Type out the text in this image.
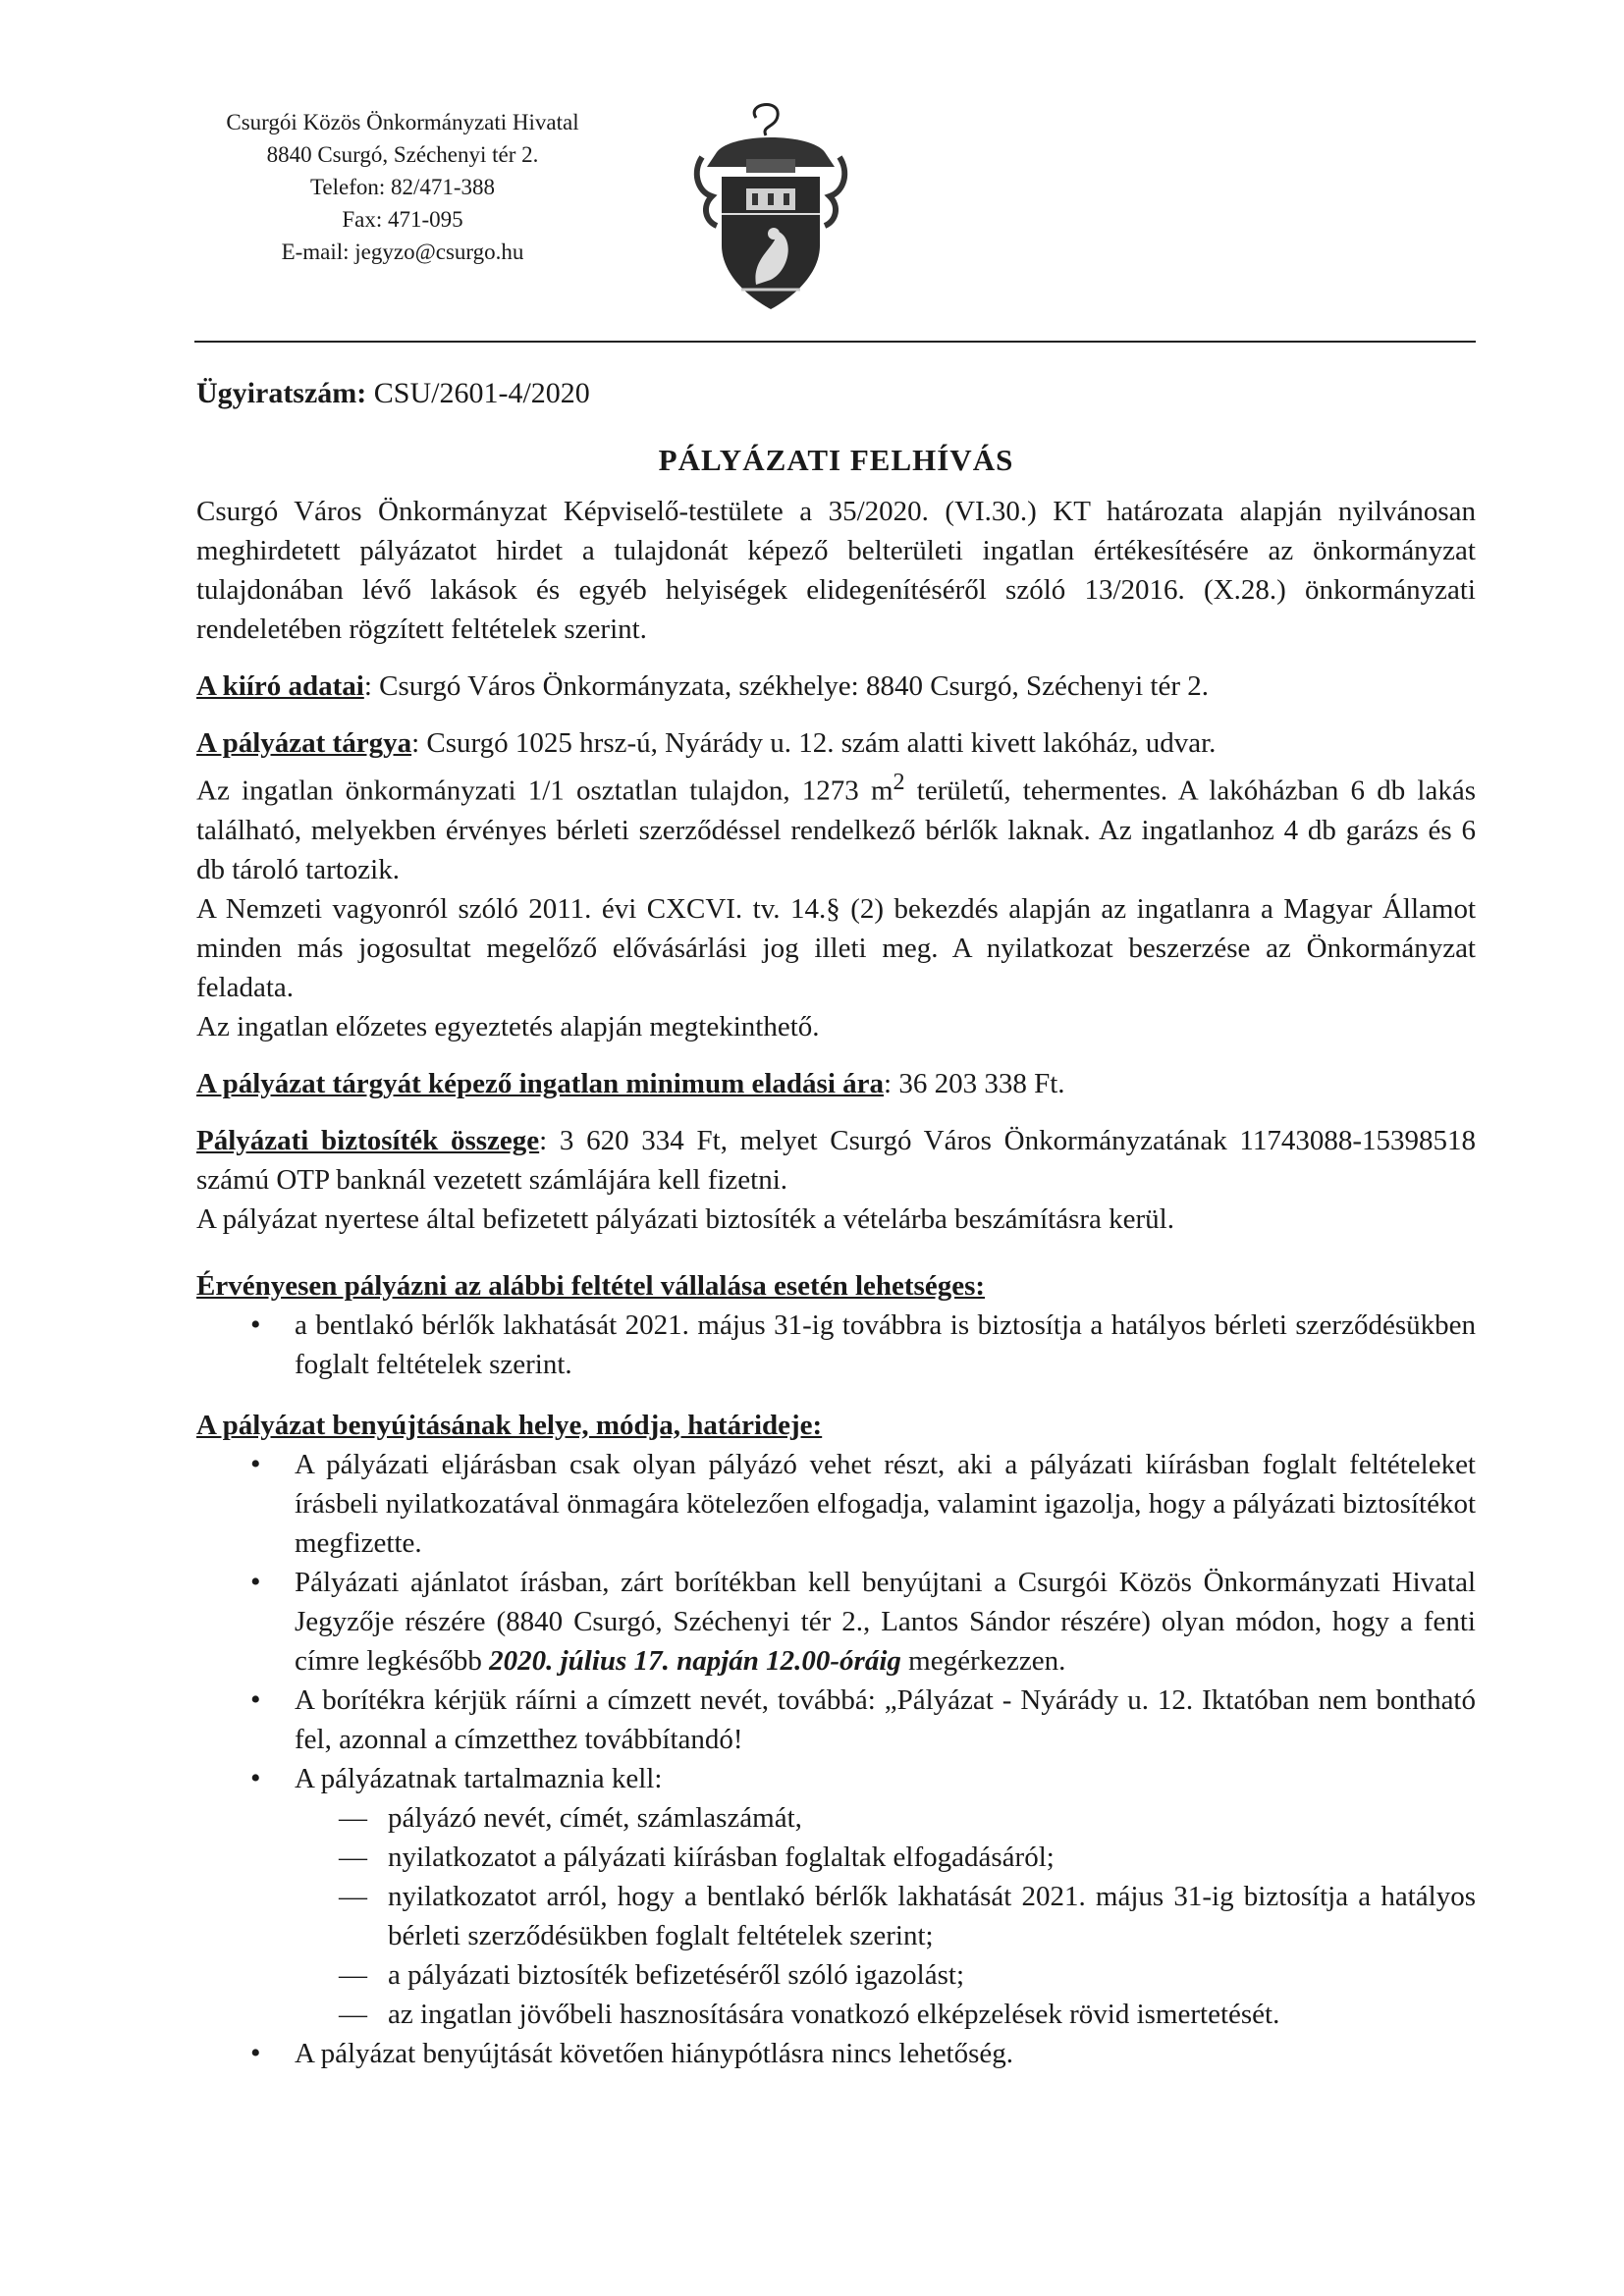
Csurgói Közös Önkormányzati Hivatal
8840 Csurgó, Széchenyi tér 2.
Telefon: 82/471-388
Fax: 471-095
E-mail: jegyzo@csurgo.hu

Ügyiratszám: CSU/2601-4/2020

PÁLYÁZATI FELHÍVÁS

Csurgó Város Önkormányzat Képviselő-testülete a 35/2020. (VI.30.) KT határozata alapján nyilvánosan meghirdetett pályázatot hirdet a tulajdonát képező belterületi ingatlan értékesítésére az önkormányzat tulajdonában lévő lakások és egyéb helyiségek elidegenítéséről szóló 13/2016. (X.28.) önkormányzati rendeletében rögzített feltételek szerint.

A kiíró adatai: Csurgó Város Önkormányzata, székhelye: 8840 Csurgó, Széchenyi tér 2.

A pályázat tárgya: Csurgó 1025 hrsz-ú, Nyárády u. 12. szám alatti kivett lakóház, udvar.

Az ingatlan önkormányzati 1/1 osztatlan tulajdon, 1273 $m^2$ területű, tehermentes. A lakóházban 6 db lakás található, melyekben érvényes bérleti szerződéssel rendelkező bérlők laknak. Az ingatlanhoz 4 db garázs és 6 db tároló tartozik.

A Nemzeti vagyonról szóló 2011. évi CXCVI. tv. 14.§ (2) bekezdés alapján az ingatlanra a Magyar Államot minden más jogosultat megelőző elővásárlási jog illeti meg. A nyilatkozat beszerzése az Önkormányzat feladata.

Az ingatlan előzetes egyeztetés alapján megtekinthető.

A pályázat tárgyát képező ingatlan minimum eladási ára: 36 203 338 Ft.

Pályázati biztosíték összege: 3 620 334 Ft, melyet Csurgó Város Önkormányzatának 11743088-15398518 számú OTP banknál vezetett számlájára kell fizetni.

A pályázat nyertese által befizetett pályázati biztosíték a vételárba beszámításra kerül.

Érvényesen pályázni az alábbi feltétel vállalása esetén lehetséges:

• a bentlakó bérlők lakhatását 2021. május 31-ig továbbra is biztosítja a hatályos bérleti szerződésükben foglalt feltételek szerint.

A pályázat benyújtásának helye, módja, határideje:

• A pályázati eljárásban csak olyan pályázó vehet részt, aki a pályázati kiírásban foglalt feltételeket írásbeli nyilatkozatával önmagára kötelezően elfogadja, valamint igazolja, hogy a pályázati biztosítékot megfizette.
• Pályázati ajánlatot írásban, zárt borítékban kell benyújtani a Csurgói Közös Önkormányzati Hivatal Jegyzője részére (8840 Csurgó, Széchenyi tér 2., Lantos Sándor részére) olyan módon, hogy a fenti címre legkésőbb 2020. július 17. napján 12.00-óráig megérkezzen.
• A borítékra kérjük ráírni a címzett nevét, továbbá: „Pályázat - Nyárády u. 12. Iktatóban nem bontható fel, azonnal a címzetthez továbbítandó!
• A pályázatnak tartalmaznia kell:
— pályázó nevét, címét, számlaszámát,
— nyilatkozatot a pályázati kiírásban foglaltak elfogadásáról;
— nyilatkozatot arról, hogy a bentlakó bérlők lakhatását 2021. május 31-ig biztosítja a hatályos bérleti szerződésükben foglalt feltételek szerint;
— a pályázati biztosíték befizetéséről szóló igazolást;
— az ingatlan jövőbeli hasznosítására vonatkozó elképzelések rövid ismertetését.
• A pályázat benyújtását követően hiánypótlásra nincs lehetőség.
